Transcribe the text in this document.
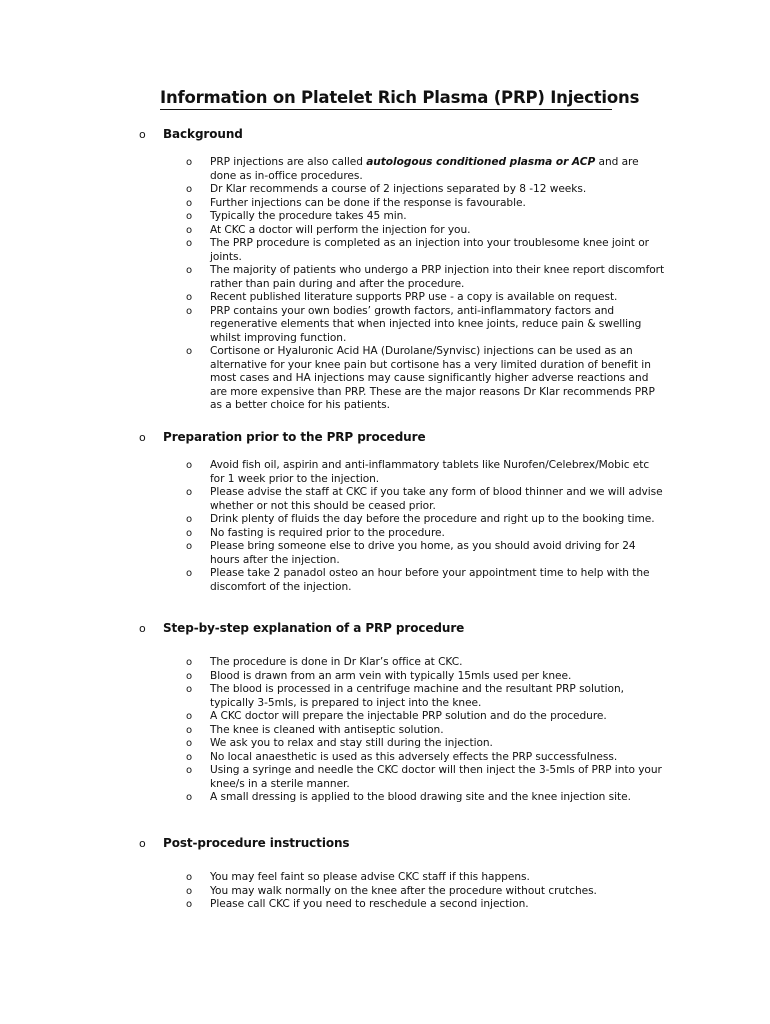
Information on Platelet Rich Plasma (PRP) Injections
o Background
o PRP injections are also called autologous conditioned plasma or ACP and are done as in-office procedures.
o Dr Klar recommends a course of 2 injections separated by 8 -12 weeks.
o Further injections can be done if the response is favourable.
o Typically the procedure takes 45 min.
o At CKC a doctor will perform the injection for you.
o The PRP procedure is completed as an injection into your troublesome knee joint or joints.
o The majority of patients who undergo a PRP injection into their knee report discomfort rather than pain during and after the procedure.
o Recent published literature supports PRP use - a copy is available on request.
o PRP contains your own bodies’ growth factors, anti-inflammatory factors and regenerative elements that when injected into knee joints, reduce pain & swelling whilst improving function.
o Cortisone or Hyaluronic Acid HA (Durolane/Synvisc) injections can be used as an alternative for your knee pain but cortisone has a very limited duration of benefit in most cases and HA injections may cause significantly higher adverse reactions and are more expensive than PRP. These are the major reasons Dr Klar recommends PRP as a better choice for his patients.
o Preparation prior to the PRP procedure
o Avoid fish oil, aspirin and anti-inflammatory tablets like Nurofen/Celebrex/Mobic etc for 1 week prior to the injection.
o Please advise the staff at CKC if you take any form of blood thinner and we will advise whether or not this should be ceased prior.
o Drink plenty of fluids the day before the procedure and right up to the booking time.
o No fasting is required prior to the procedure.
o Please bring someone else to drive you home, as you should avoid driving for 24 hours after the injection.
o Please take 2 panadol osteo an hour before your appointment time to help with the discomfort of the injection.
o Step-by-step explanation of a PRP procedure
o The procedure is done in Dr Klar’s office at CKC.
o Blood is drawn from an arm vein with typically 15mls used per knee.
o The blood is processed in a centrifuge machine and the resultant PRP solution, typically 3-5mls, is prepared to inject into the knee.
o A CKC doctor will prepare the injectable PRP solution and do the procedure.
o The knee is cleaned with antiseptic solution.
o We ask you to relax and stay still during the injection.
o No local anaesthetic is used as this adversely effects the PRP successfulness.
o Using a syringe and needle the CKC doctor will then inject the 3-5mls of PRP into your knee/s in a sterile manner.
o A small dressing is applied to the blood drawing site and the knee injection site.
o Post-procedure instructions
o You may feel faint so please advise CKC staff if this happens.
o You may walk normally on the knee after the procedure without crutches.
o Please call CKC if you need to reschedule a second injection.
